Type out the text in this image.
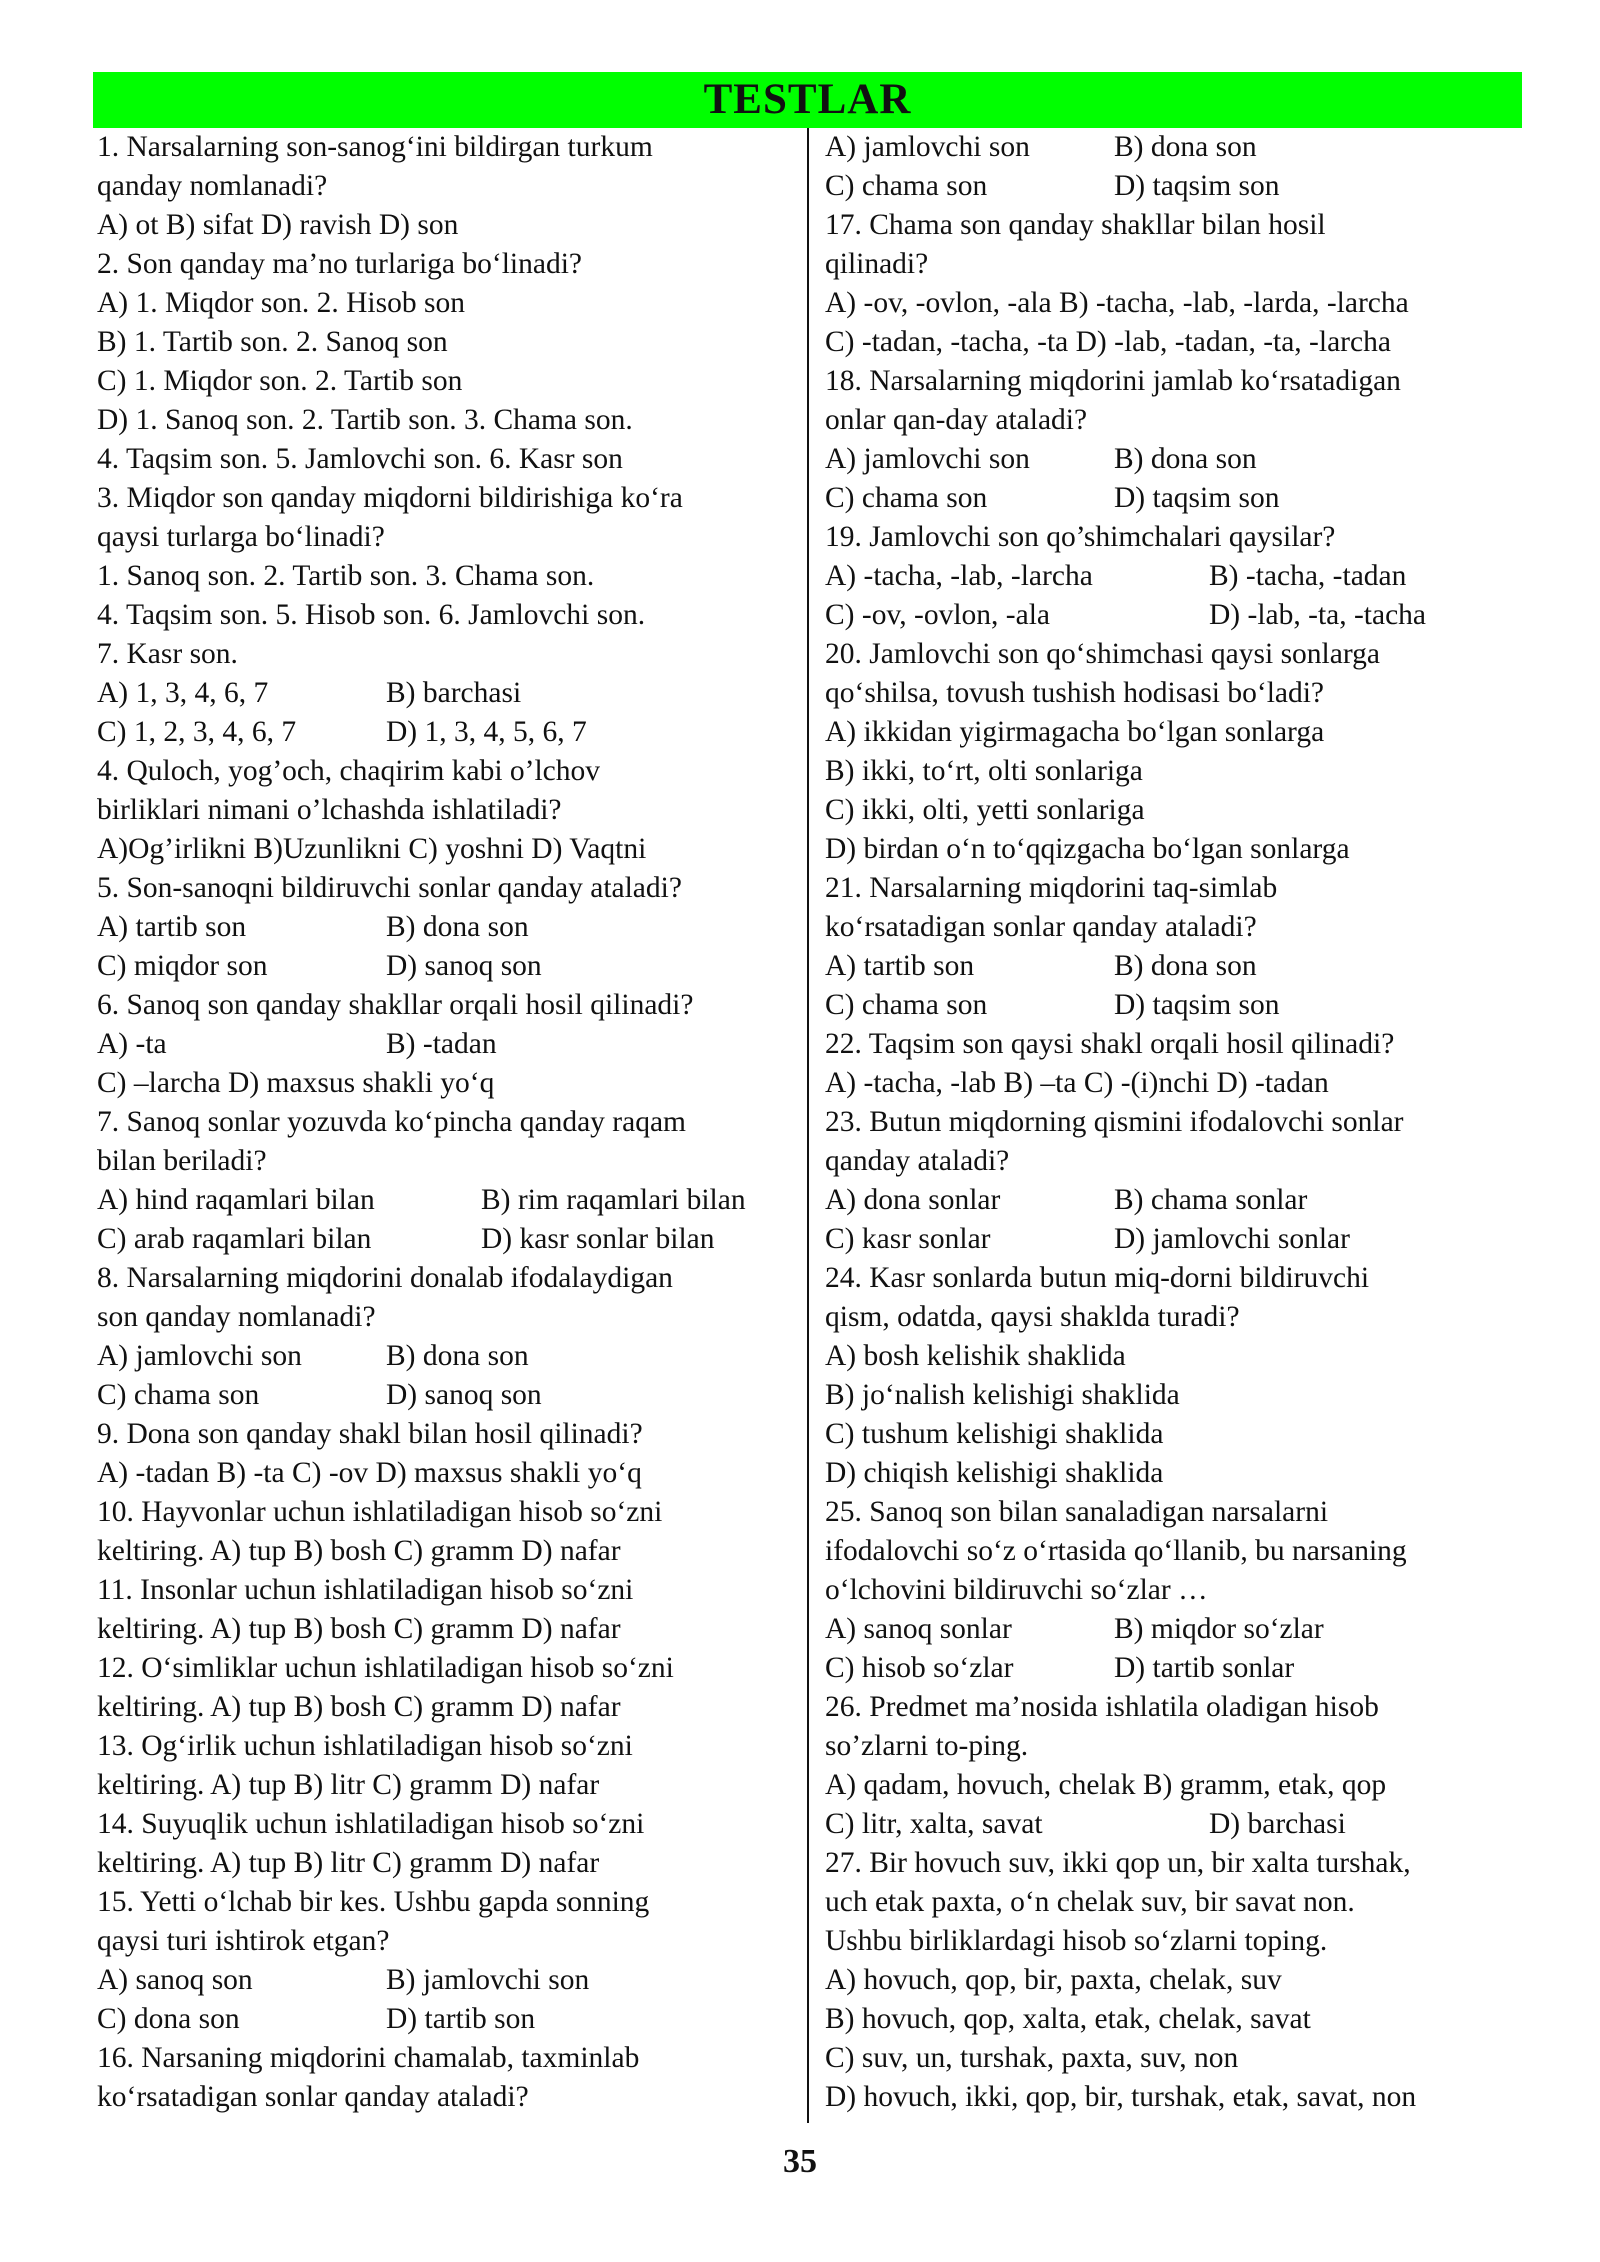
TESTLAR
1. Narsalarning son-sanog‘ini bildirgan turkum
qanday nomlanadi?
A) ot B) sifat D) ravish D) son
2. Son qanday ma’no turlariga bo‘linadi?
A) 1. Miqdor son. 2. Hisob son
B) 1. Tartib son. 2. Sanoq son
C) 1. Miqdor son. 2. Tartib son
D) 1. Sanoq son. 2. Tartib son. 3. Chama son.
4. Taqsim son. 5. Jamlovchi son. 6. Kasr son
3. Miqdor son qanday miqdorni bildirishiga ko‘ra
qaysi turlarga bo‘linadi?
1. Sanoq son. 2. Tartib son. 3. Chama son.
4. Taqsim son. 5. Hisob son. 6. Jamlovchi son.
7. Kasr son.
A) 1, 3, 4, 6, 7	B) barchasi
C) 1, 2, 3, 4, 6, 7	D) 1, 3, 4, 5, 6, 7
4. Quloch, yog’och, chaqirim kabi o’lchov
birliklari nimani o’lchashda ishlatiladi?
A)Og’irlikni B)Uzunlikni C) yoshni D) Vaqtni
5. Son-sanoqni bildiruvchi sonlar qanday ataladi?
A) tartib son	B) dona son
C) miqdor son	D) sanoq son
6. Sanoq son qanday shakllar orqali hosil qilinadi?
A) -ta	B) -tadan
C) –larcha D) maxsus shakli yo‘q
7. Sanoq sonlar yozuvda ko‘pincha qanday raqam
bilan beriladi?
A) hind raqamlari bilan	B) rim raqamlari bilan
C) arab raqamlari bilan	D) kasr sonlar bilan
8. Narsalarning miqdorini donalab ifodalaydigan
son qanday nomlanadi?
A) jamlovchi son	B) dona son
C) chama son	D) sanoq son
9. Dona son qanday shakl bilan hosil qilinadi?
A) -tadan B) -ta C) -ov D) maxsus shakli yo‘q
10. Hayvonlar uchun ishlatiladigan hisob so‘zni
keltiring. A) tup B) bosh C) gramm D) nafar
11. Insonlar uchun ishlatiladigan hisob so‘zni
keltiring. A) tup B) bosh C) gramm D) nafar
12. O‘simliklar uchun ishlatiladigan hisob so‘zni
keltiring. A) tup B) bosh C) gramm D) nafar
13. Og‘irlik uchun ishlatiladigan hisob so‘zni
keltiring. A) tup B) litr C) gramm D) nafar
14. Suyuqlik uchun ishlatiladigan hisob so‘zni
keltiring. A) tup B) litr C) gramm D) nafar
15. Yetti o‘lchab bir kes. Ushbu gapda sonning
qaysi turi ishtirok etgan?
A) sanoq son	B) jamlovchi son
C) dona son	D) tartib son
16. Narsaning miqdorini chamalab, taxminlab
ko‘rsatadigan sonlar qanday ataladi?
A) jamlovchi son	B) dona son
C) chama son	D) taqsim son
17. Chama son qanday shakllar bilan hosil
qilinadi?
A) -ov, -ovlon, -ala B) -tacha, -lab, -larda, -larcha
C) -tadan, -tacha, -ta D) -lab, -tadan, -ta, -larcha
18. Narsalarning miqdorini jamlab ko‘rsatadigan
onlar qan-day ataladi?
A) jamlovchi son	B) dona son
C) chama son	D) taqsim son
19. Jamlovchi son qo’shimchalari qaysilar?
A) -tacha, -lab, -larcha	B) -tacha, -tadan
C) -ov, -ovlon, -ala	D) -lab, -ta, -tacha
20. Jamlovchi son qo‘shimchasi qaysi sonlarga
qo‘shilsa, tovush tushish hodisasi bo‘ladi?
A) ikkidan yigirmagacha bo‘lgan sonlarga
B) ikki, to‘rt, olti sonlariga
C) ikki, olti, yetti sonlariga
D) birdan o‘n to‘qqizgacha bo‘lgan sonlarga
21. Narsalarning miqdorini taq-simlab
ko‘rsatadigan sonlar qanday ataladi?
A) tartib son	B) dona son
C) chama son	D) taqsim son
22. Taqsim son qaysi shakl orqali hosil qilinadi?
A) -tacha, -lab B) –ta C) -(i)nchi D) -tadan
23. Butun miqdorning qismini ifodalovchi sonlar
qanday ataladi?
A) dona sonlar	B) chama sonlar
C) kasr sonlar	D) jamlovchi sonlar
24. Kasr sonlarda butun miq-dorni bildiruvchi
qism, odatda, qaysi shaklda turadi?
A) bosh kelishik shaklida
B) jo‘nalish kelishigi shaklida
C) tushum kelishigi shaklida
D) chiqish kelishigi shaklida
25. Sanoq son bilan sanaladigan narsalarni
ifodalovchi so‘z o‘rtasida qo‘llanib, bu narsaning
o‘lchovini bildiruvchi so‘zlar …
A) sanoq sonlar	B) miqdor so‘zlar
C) hisob so‘zlar	D) tartib sonlar
26. Predmet ma’nosida ishlatila oladigan hisob
so’zlarni to-ping.
A) qadam, hovuch, chelak B) gramm, etak, qop
C) litr, xalta, savat	D) barchasi
27. Bir hovuch suv, ikki qop un, bir xalta turshak,
uch etak paxta, o‘n chelak suv, bir savat non.
Ushbu birliklardagi hisob so‘zlarni toping.
A) hovuch, qop, bir, paxta, chelak, suv
B) hovuch, qop, xalta, etak, chelak, savat
C) suv, un, turshak, paxta, suv, non
D) hovuch, ikki, qop, bir, turshak, etak, savat, non
35
